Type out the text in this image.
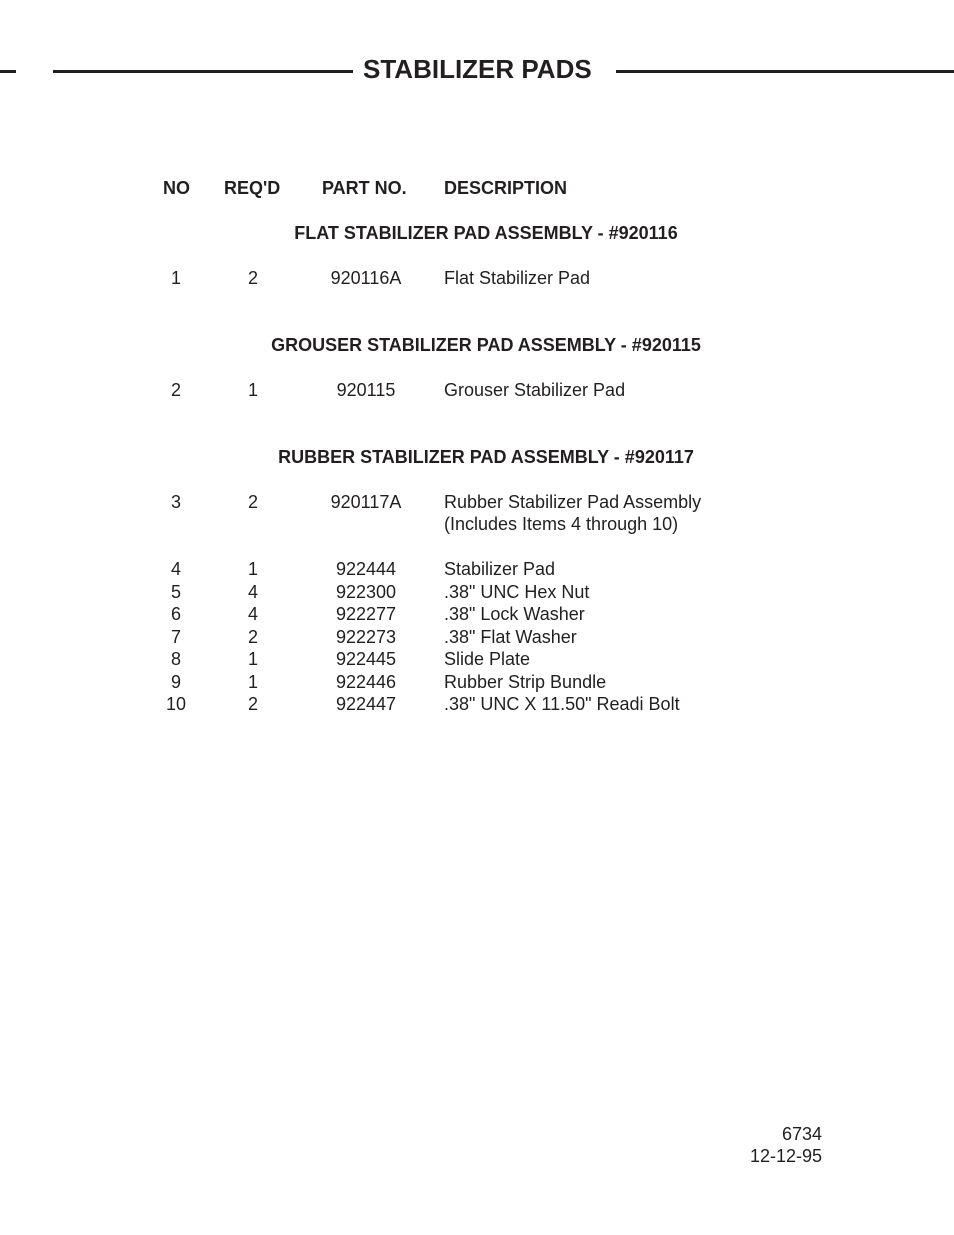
STABILIZER PADS
NO REQ'D PART NO. DESCRIPTION
FLAT STABILIZER PAD ASSEMBLY - #920116
1	2	920116A Flat Stabilizer Pad
GROUSER STABILIZER PAD ASSEMBLY - #920115
2	1	920115	Grouser Stabilizer Pad
RUBBER STABILIZER PAD ASSEMBLY - #920117
3	2	920117A Rubber Stabilizer Pad Assembly
(Includes Items 4 through 10)
4	1	922444	Stabilizer Pad
5	4	922300	.38" UNC Hex Nut
6	4	922277	.38" Lock Washer
7	2	922273	.38" Flat Washer
8	1	922445	Slide Plate
9	1	922446	Rubber Strip Bundle
10	2	922447	.38" UNC X 11.50" Readi Bolt
6734
12-12-95
